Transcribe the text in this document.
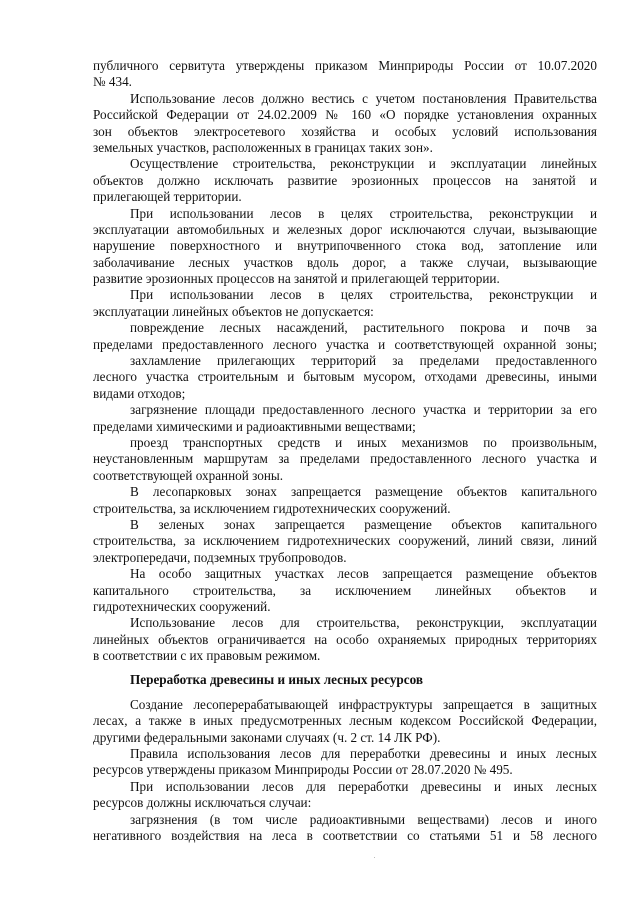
публичного сервитута утверждены приказом Минприроды России от 10.07.2020
№ 434.
Использование лесов должно вестись с учетом постановления Правительства
Российской Федерации от 24.02.2009 № 160 «О порядке установления охранных
зон объектов электросетевого хозяйства и особых условий использования
земельных участков, расположенных в границах таких зон».
Осуществление строительства, реконструкции и эксплуатации линейных
объектов должно исключать развитие эрозионных процессов на занятой и
прилегающей территории.
При использовании лесов в целях строительства, реконструкции и
эксплуатации автомобильных и железных дорог исключаются случаи, вызывающие
нарушение поверхностного и внутрипочвенного стока вод, затопление или
заболачивание лесных участков вдоль дорог, а также случаи, вызывающие
развитие эрозионных процессов на занятой и прилегающей территории.
При использовании лесов в целях строительства, реконструкции и
эксплуатации линейных объектов не допускается:
повреждение лесных насаждений, растительного покрова и почв за
пределами предоставленного лесного участка и соответствующей охранной зоны;
захламление прилегающих территорий за пределами предоставленного
лесного участка строительным и бытовым мусором, отходами древесины, иными
видами отходов;
загрязнение площади предоставленного лесного участка и территории за его
пределами химическими и радиоактивными веществами;
проезд транспортных средств и иных механизмов по произвольным,
неустановленным маршрутам за пределами предоставленного лесного участка и
соответствующей охранной зоны.
В лесопарковых зонах запрещается размещение объектов капитального
строительства, за исключением гидротехнических сооружений.
В зеленых зонах запрещается размещение объектов капитального
строительства, за исключением гидротехнических сооружений, линий связи, линий
электропередачи, подземных трубопроводов.
На особо защитных участках лесов запрещается размещение объектов
капитального строительства, за исключением линейных объектов и
гидротехнических сооружений.
Использование лесов для строительства, реконструкции, эксплуатации
линейных объектов ограничивается на особо охраняемых природных территориях
в соответствии с их правовым режимом.
Переработка древесины и иных лесных ресурсов
Создание лесоперерабатывающей инфраструктуры запрещается в защитных
лесах, а также в иных предусмотренных лесным кодексом Российской Федерации,
другими федеральными законами случаях (ч. 2 ст. 14 ЛК РФ).
Правила использования лесов для переработки древесины и иных лесных
ресурсов утверждены приказом Минприроды России от 28.07.2020 № 495.
При использовании лесов для переработки древесины и иных лесных
ресурсов должны исключаться случаи:
загрязнения (в том числе радиоактивными веществами) лесов и иного
негативного воздействия на леса в соответствии со статьями 51 и 58 лесного
